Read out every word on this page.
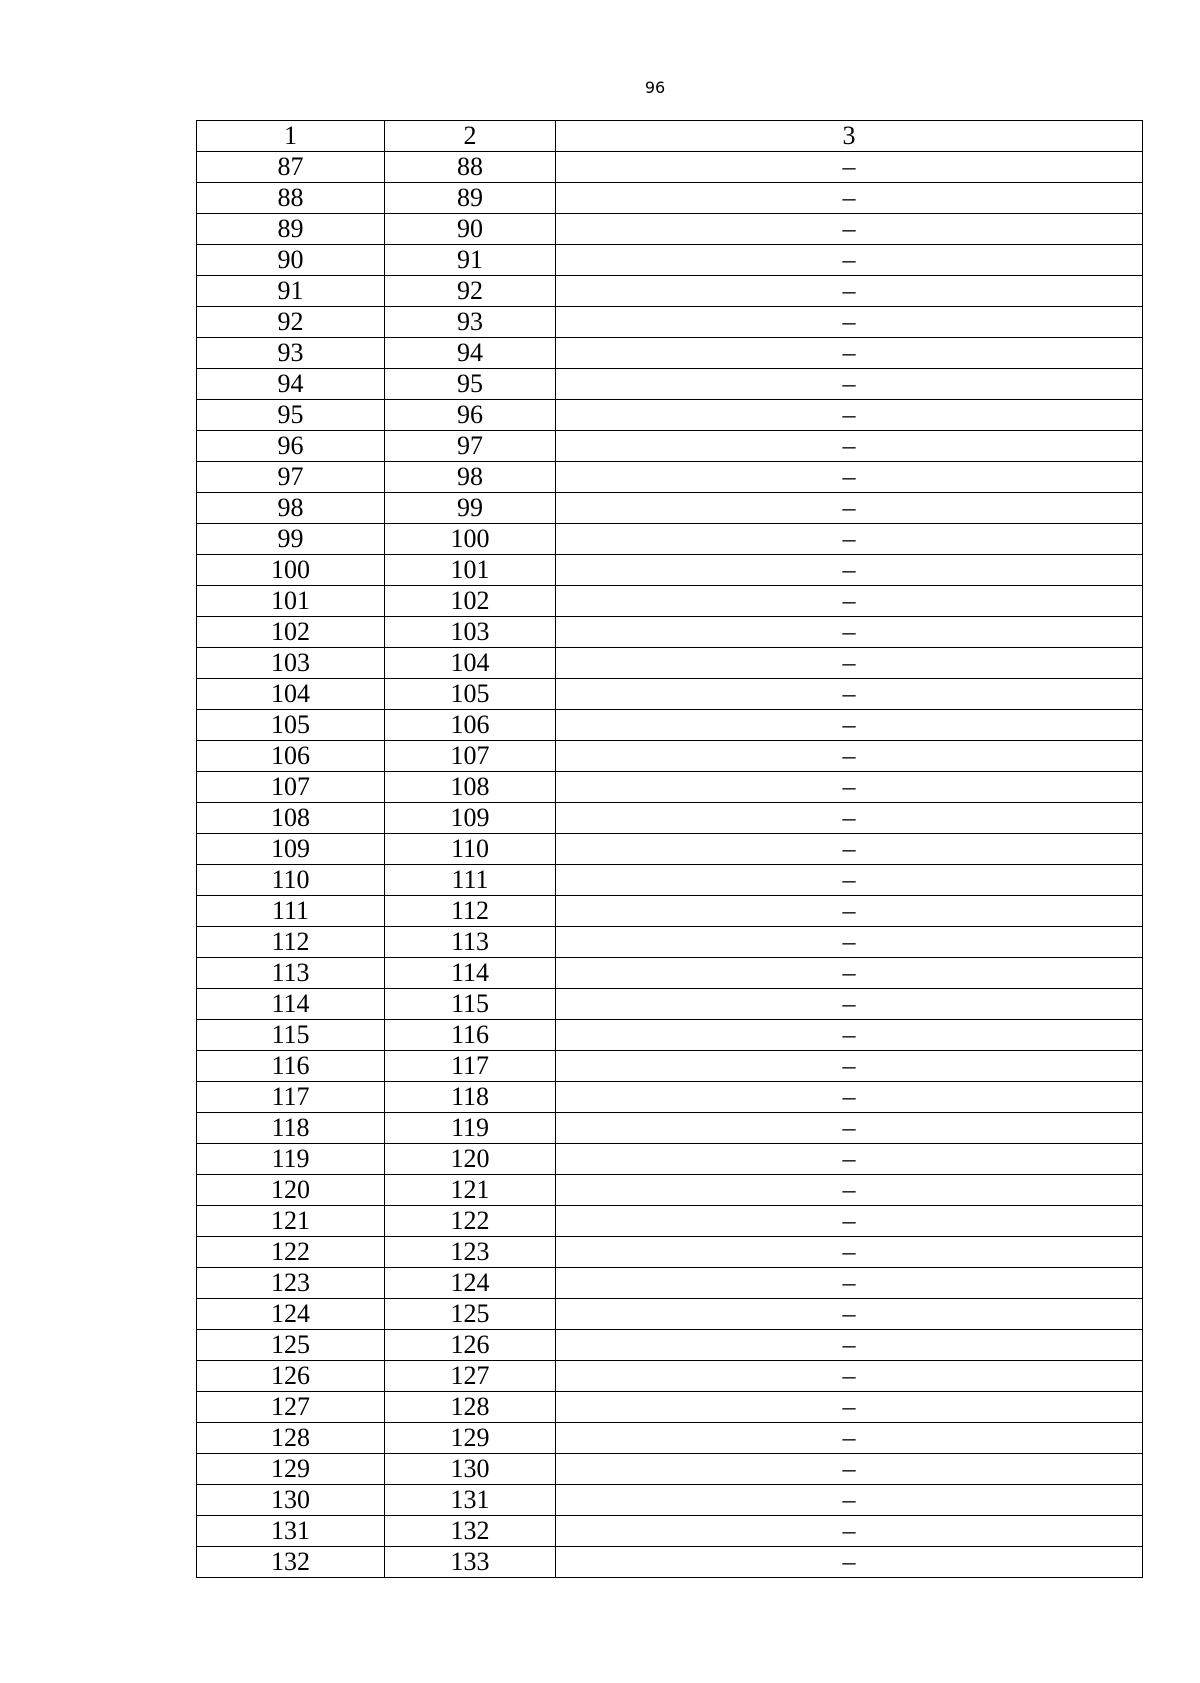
96
1	2	3
87	88	–
88	89	–
89	90	–
90	91	–
91	92	–
92	93	–
93	94	–
94	95	–
95	96	–
96	97	–
97	98	–
98	99	–
99	100	–
100	101	–
101	102	–
102	103	–
103	104	–
104	105	–
105	106	–
106	107	–
107	108	–
108	109	–
109	110	–
110	111	–
111	112	–
112	113	–
113	114	–
114	115	–
115	116	–
116	117	–
117	118	–
118	119	–
119	120	–
120	121	–
121	122	–
122	123	–
123	124	–
124	125	–
125	126	–
126	127	–
127	128	–
128	129	–
129	130	–
130	131	–
131	132	–
132	133	–
